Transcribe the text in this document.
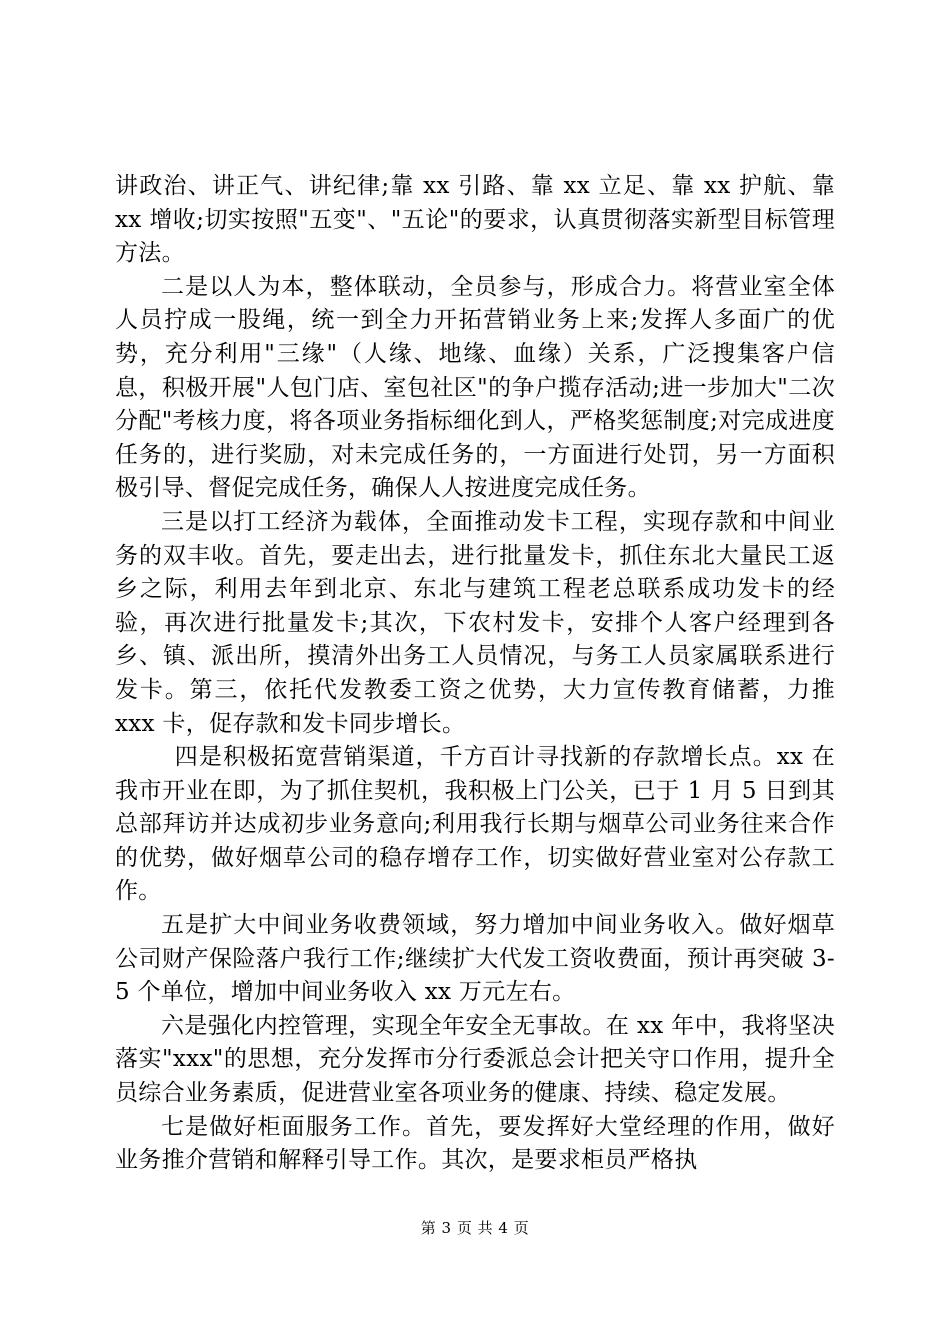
讲政治、讲正气、讲纪律;靠 xx 引路、靠 xx 立足、靠 xx 护航、靠 xx 增收;切实按照"五变"、"五论"的要求，认真贯彻落实新型目标管理方法。

二是以人为本，整体联动，全员参与，形成合力。将营业室全体人员拧成一股绳，统一到全力开拓营销业务上来;发挥人多面广的优势，充分利用"三缘"（人缘、地缘、血缘）关系，广泛搜集客户信息，积极开展"人包门店、室包社区"的争户揽存活动;进一步加大"二次分配"考核力度，将各项业务指标细化到人，严格奖惩制度;对完成进度任务的，进行奖励，对未完成任务的，一方面进行处罚，另一方面积极引导、督促完成任务，确保人人按进度完成任务。

三是以打工经济为载体，全面推动发卡工程，实现存款和中间业务的双丰收。首先，要走出去，进行批量发卡，抓住东北大量民工返乡之际，利用去年到北京、东北与建筑工程老总联系成功发卡的经验，再次进行批量发卡;其次，下农村发卡，安排个人客户经理到各乡、镇、派出所，摸清外出务工人员情况，与务工人员家属联系进行发卡。第三，依托代发教委工资之优势，大力宣传教育储蓄，力推 xxx 卡，促存款和发卡同步增长。

四是积极拓宽营销渠道，千方百计寻找新的存款增长点。xx 在我市开业在即，为了抓住契机，我积极上门公关，已于 1 月 5 日到其总部拜访并达成初步业务意向;利用我行长期与烟草公司业务往来合作的优势，做好烟草公司的稳存增存工作，切实做好营业室对公存款工作。

五是扩大中间业务收费领域，努力增加中间业务收入。做好烟草公司财产保险落户我行工作;继续扩大代发工资收费面，预计再突破 3-5 个单位，增加中间业务收入 xx 万元左右。

六是强化内控管理，实现全年安全无事故。在 xx 年中，我将坚决落实"xxx"的思想，充分发挥市分行委派总会计把关守口作用，提升全员综合业务素质，促进营业室各项业务的健康、持续、稳定发展。

七是做好柜面服务工作。首先，要发挥好大堂经理的作用，做好业务推介营销和解释引导工作。其次，是要求柜员严格执

第 3 页 共 4 页
